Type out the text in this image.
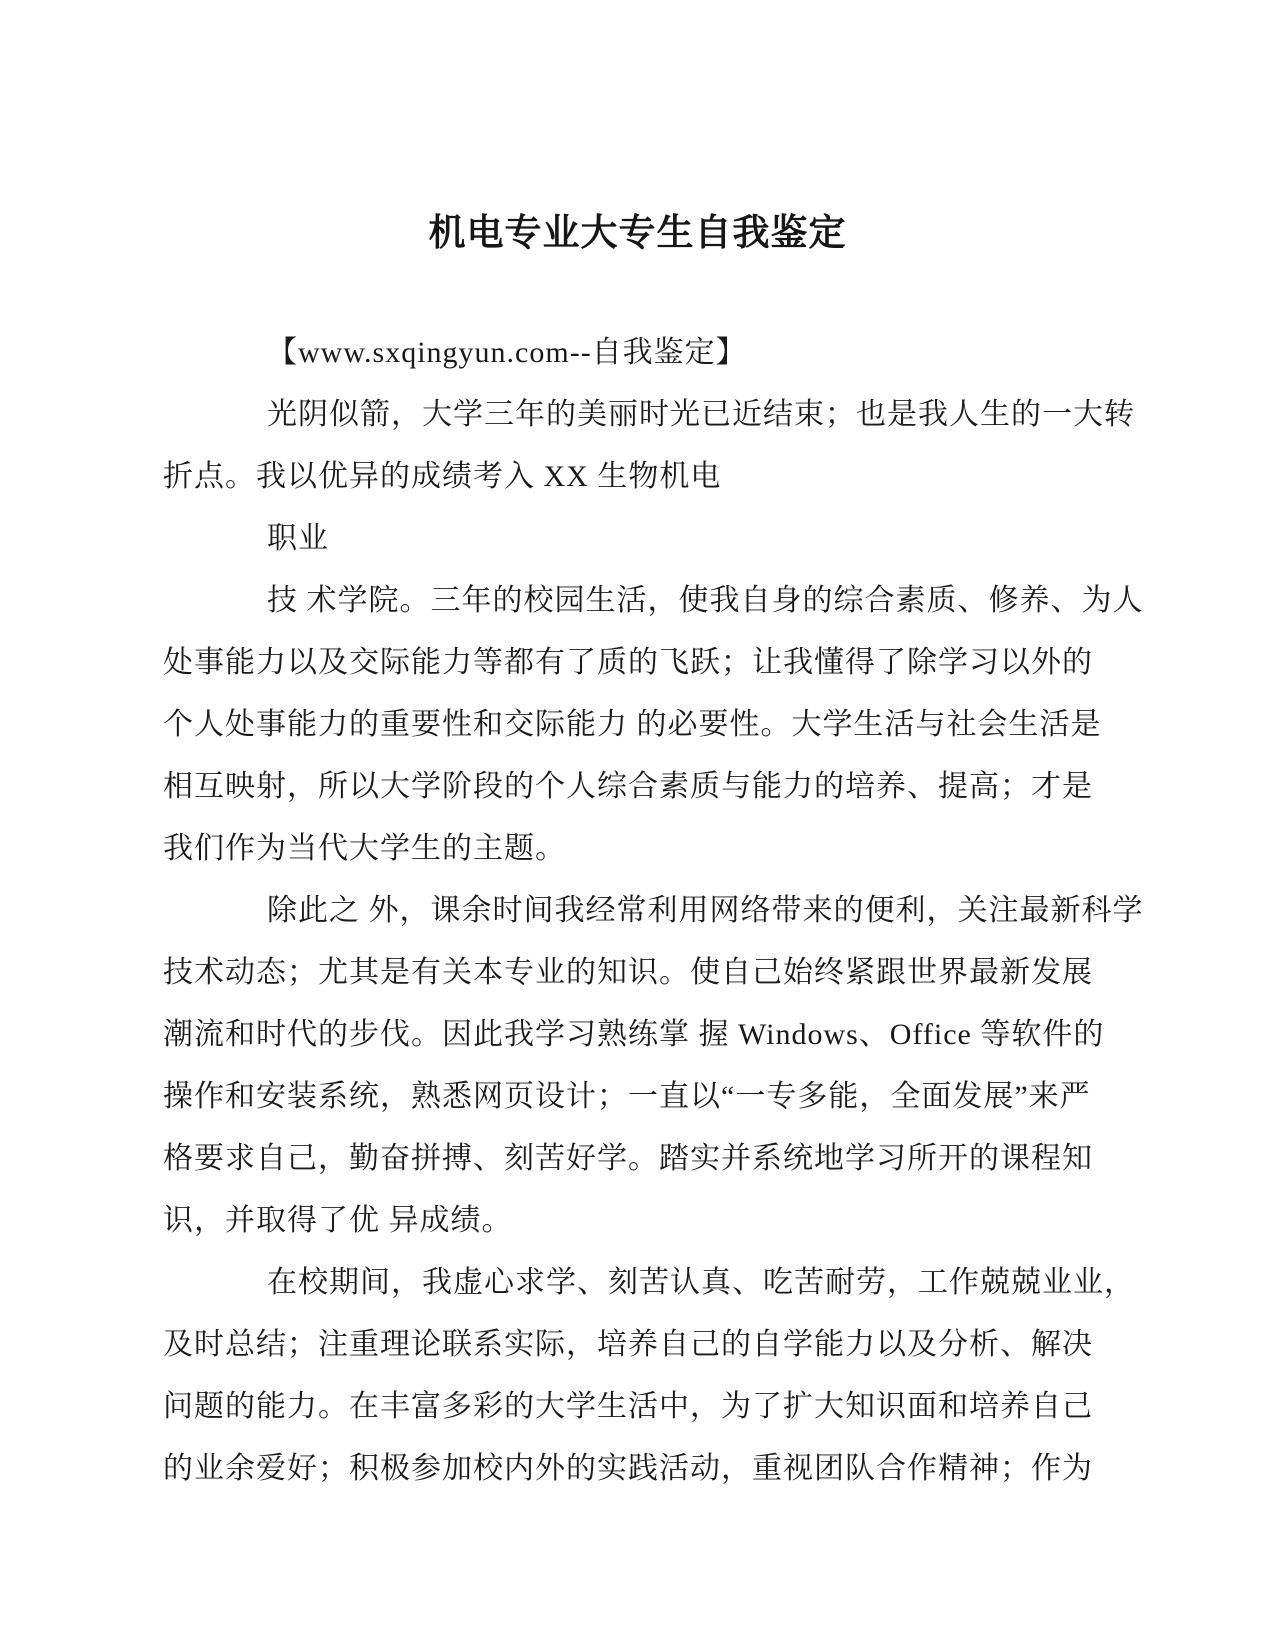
机电专业大专生自我鉴定
【www.sxqingyun.com--自我鉴定】
光阴似箭，大学三年的美丽时光已近结束；也是我人生的一大转
折点。我以优异的成绩考入 XX 生物机电
职业
技 术学院。三年的校园生活，使我自身的综合素质、修养、为人
处事能力以及交际能力等都有了质的飞跃；让我懂得了除学习以外的
个人处事能力的重要性和交际能力 的必要性。大学生活与社会生活是
相互映射，所以大学阶段的个人综合素质与能力的培养、提高；才是
我们作为当代大学生的主题。
除此之 外，课余时间我经常利用网络带来的便利，关注最新科学
技术动态；尤其是有关本专业的知识。使自己始终紧跟世界最新发展
潮流和时代的步伐。因此我学习熟练掌 握 Windows、Office 等软件的
操作和安装系统，熟悉网页设计；一直以“一专多能，全面发展”来严
格要求自己，勤奋拼搏、刻苦好学。踏实并系统地学习所开的课程知
识，并取得了优 异成绩。
在校期间，我虚心求学、刻苦认真、吃苦耐劳，工作兢兢业业，
及时总结；注重理论联系实际，培养自己的自学能力以及分析、解决
问题的能力。在丰富多彩的大学生活中，为了扩大知识面和培养自己
的业余爱好；积极参加校内外的实践活动，重视团队合作精神；作为
